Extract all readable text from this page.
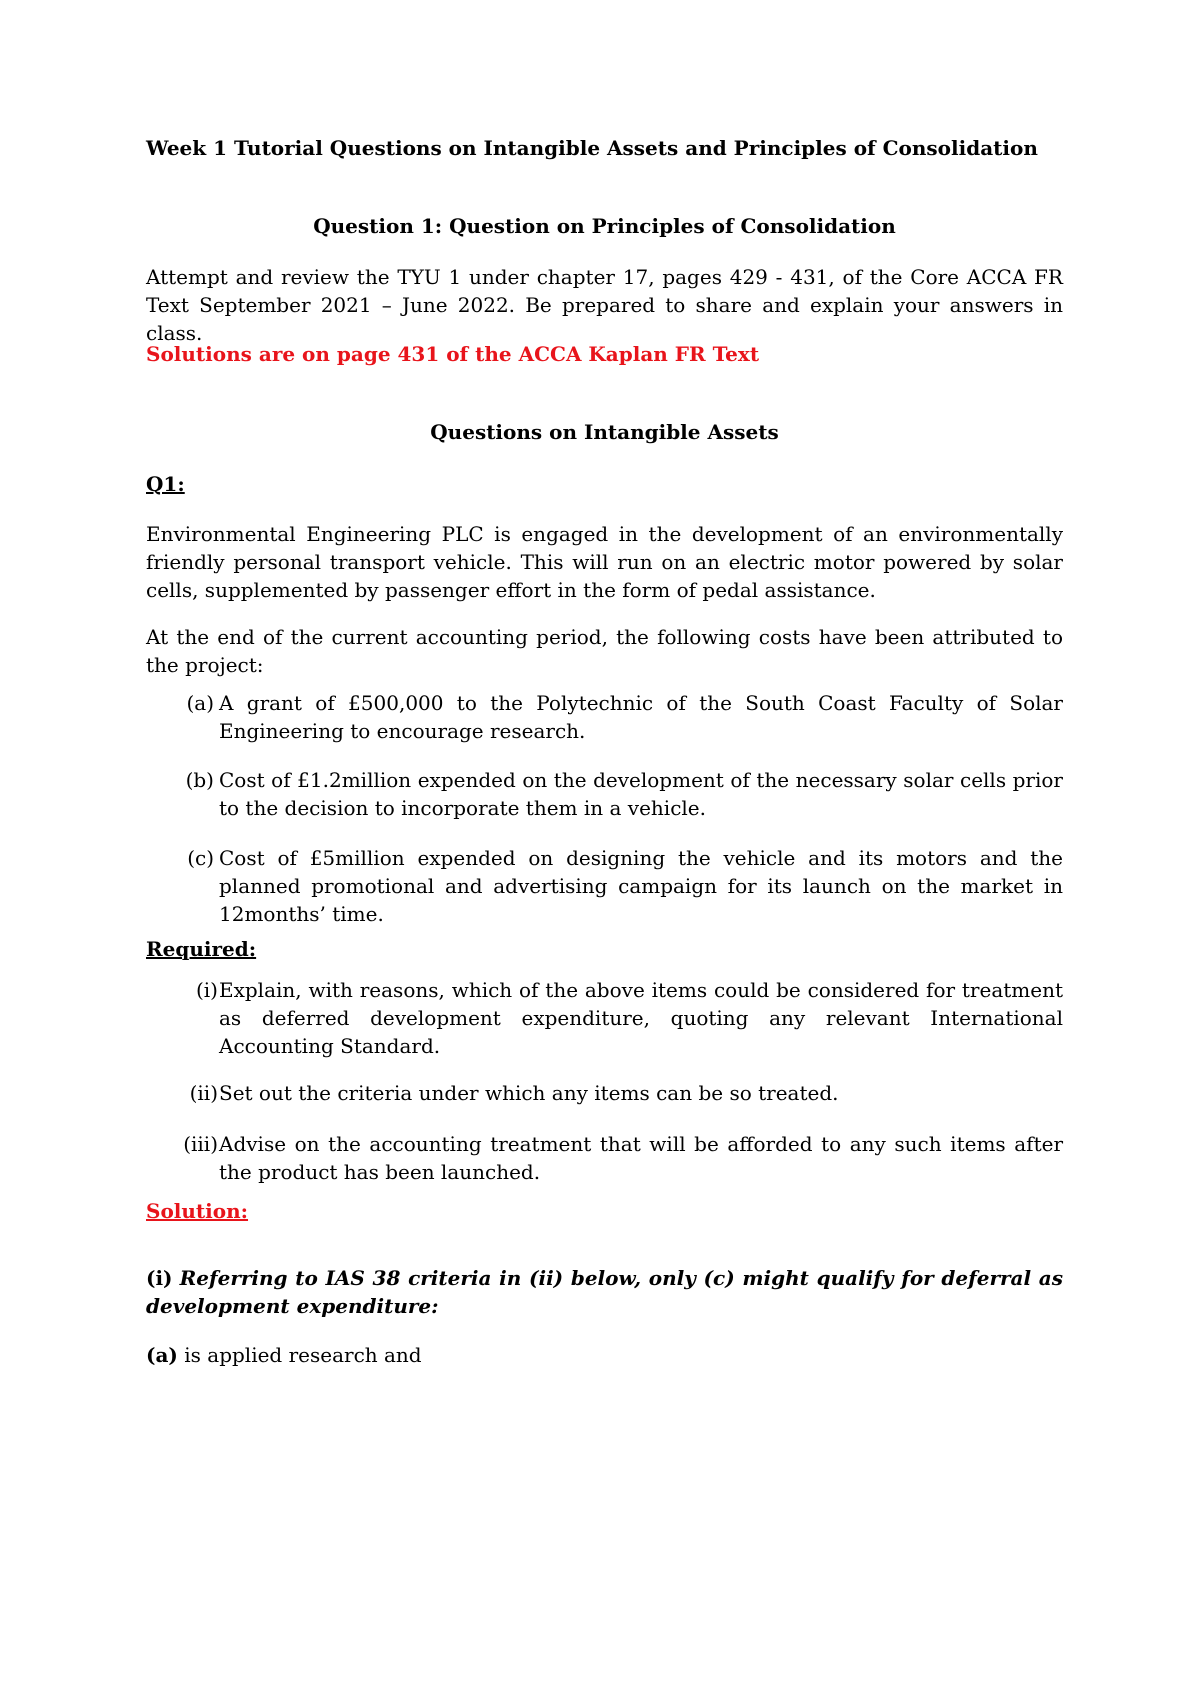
Week 1 Tutorial Questions on Intangible Assets and Principles of Consolidation

Question 1: Question on Principles of Consolidation

Attempt and review the TYU 1 under chapter 17, pages 429 - 431, of the Core ACCA FR Text September 2021 – June 2022. Be prepared to share and explain your answers in class.

Solutions are on page 431 of the ACCA Kaplan FR Text

Questions on Intangible Assets

Q1:

Environmental Engineering PLC is engaged in the development of an environmentally friendly personal transport vehicle. This will run on an electric motor powered by solar cells, supplemented by passenger effort in the form of pedal assistance.

At the end of the current accounting period, the following costs have been attributed to the project:

(a) A grant of £500,000 to the Polytechnic of the South Coast Faculty of Solar Engineering to encourage research.
(b) Cost of £1.2million expended on the development of the necessary solar cells prior to the decision to incorporate them in a vehicle.
(c) Cost of £5million expended on designing the vehicle and its motors and the planned promotional and advertising campaign for its launch on the market in 12months’ time.

Required:

(i) Explain, with reasons, which of the above items could be considered for treatment as deferred development expenditure, quoting any relevant International Accounting Standard.
(ii) Set out the criteria under which any items can be so treated.
(iii) Advise on the accounting treatment that will be afforded to any such items after the product has been launched.

Solution:

(i) Referring to IAS 38 criteria in (ii) below, only (c) might qualify for deferral as development expenditure:

(a) is applied research and
